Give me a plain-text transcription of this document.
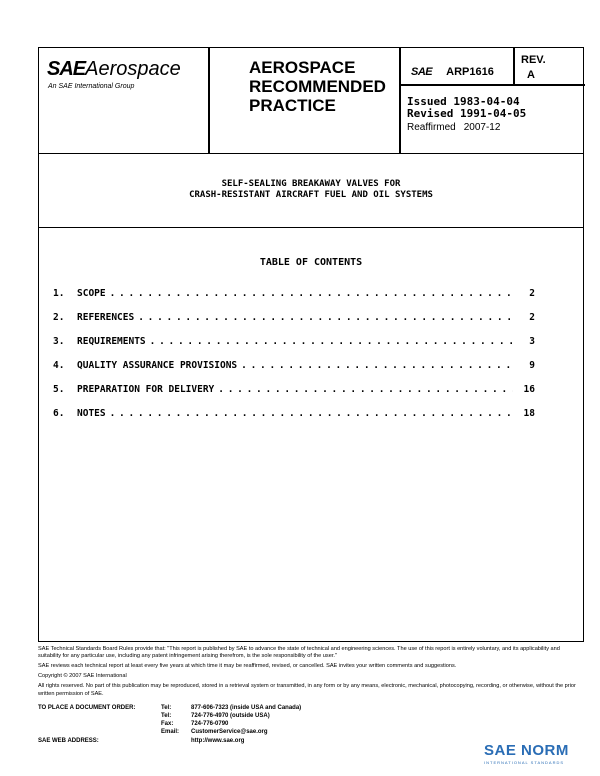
SAEAerospace
An SAE International Group
AEROSPACE
RECOMMENDED
PRACTICE
SAE ARP1616
REV.
A
Issued 1983-04-04
Revised 1991-04-05
Reaffirmed 2007-12
SELF-SEALING BREAKAWAY VALVES FOR
CRASH-RESISTANT AIRCRAFT FUEL AND OIL SYSTEMS
TABLE OF CONTENTS
1.	SCOPE . . .	2
2.	REFERENCES . . .	2
3.	REQUIREMENTS . . .	3
4.	QUALITY ASSURANCE PROVISIONS . . .	9
5.	PREPARATION FOR DELIVERY . . .	16
6.	NOTES . . .	18

SAE Technical Standards Board Rules provide that: "This report is published by SAE to advance the state of technical and engineering sciences. The use of this report is entirely voluntary, and its applicability and suitability for any particular use, including any patent infringement arising therefrom, is the sole responsibility of the user."

SAE reviews each technical report at least every five years at which time it may be reaffirmed, revised, or cancelled. SAE invites your written comments and suggestions.

Copyright © 2007 SAE International

All rights reserved. No part of this publication may be reproduced, stored in a retrieval system or transmitted, in any form or by any means, electronic, mechanical, photocopying, recording, or otherwise, without the prior written permission of SAE.

TO PLACE A DOCUMENT ORDER:	Tel:	877-606-7323 (inside USA and Canada)
Tel:	724-776-4970 (outside USA)
Fax:	724-776-0790
Email:	CustomerService@sae.org
SAE WEB ADDRESS:	http://www.sae.org
SAE NORM
INTERNATIONAL STANDARDS
